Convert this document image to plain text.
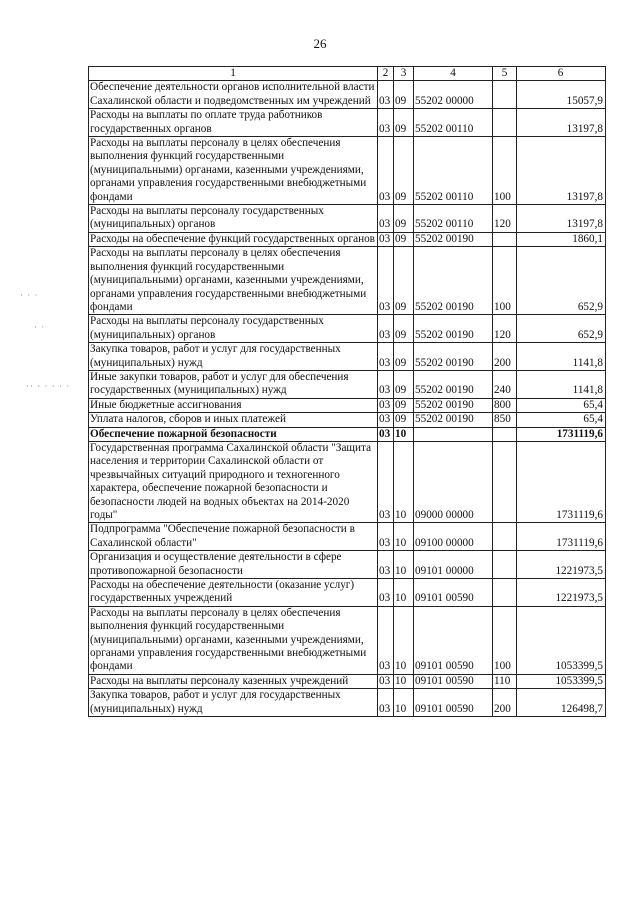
26
· · ·
· ·
·· · · · · ·
1	2	3	4	5	6
Обеспечение деятельности органов исполнительной власти Сахалинской области и подведомственных им учреждений	03	09	55202 00000		15057,9
Расходы на выплаты по оплате труда работников государственных органов	03	09	55202 00110		13197,8
Расходы на выплаты персоналу в целях обеспечения выполнения функций государственными (муниципальными) органами, казенными учреждениями, органами управления государственными внебюджетными фондами	03	09	55202 00110	100	13197,8
Расходы на выплаты персоналу государственных (муниципальных) органов	03	09	55202 00110	120	13197,8
Расходы на обеспечение функций государственных органов	03	09	55202 00190		1860,1
Расходы на выплаты персоналу в целях обеспечения выполнения функций государственными (муниципальными) органами, казенными учреждениями, органами управления государственными внебюджетными фондами	03	09	55202 00190	100	652,9
Расходы на выплаты персоналу государственных (муниципальных) органов	03	09	55202 00190	120	652,9
Закупка товаров, работ и услуг для государственных (муниципальных) нужд	03	09	55202 00190	200	1141,8
Иные закупки товаров, работ и услуг для обеспечения государственных (муниципальных) нужд	03	09	55202 00190	240	1141,8
Иные бюджетные ассигнования	03	09	55202 00190	800	65,4
Уплата налогов, сборов и иных платежей	03	09	55202 00190	850	65,4
Обеспечение пожарной безопасности	03	10			1731119,6
Государственная программа Сахалинской области "Защита населения и территории Сахалинской области от чрезвычайных ситуаций природного и техногенного характера, обеспечение пожарной безопасности и безопасности людей на водных объектах на 2014-2020 годы"	03	10	09000 00000		1731119,6
Подпрограмма "Обеспечение пожарной безопасности в Сахалинской области"	03	10	09100 00000		1731119,6
Организация и осуществление деятельности в сфере противопожарной безопасности	03	10	09101 00000		1221973,5
Расходы на обеспечение деятельности (оказание услуг) государственных учреждений	03	10	09101 00590		1221973,5
Расходы на выплаты персоналу в целях обеспечения выполнения функций государственными (муниципальными) органами, казенными учреждениями, органами управления государственными внебюджетными фондами	03	10	09101 00590	100	1053399,5
Расходы на выплаты персоналу казенных учреждений	03	10	09101 00590	110	1053399,5
Закупка товаров, работ и услуг для государственных (муниципальных) нужд	03	10	09101 00590	200	126498,7
